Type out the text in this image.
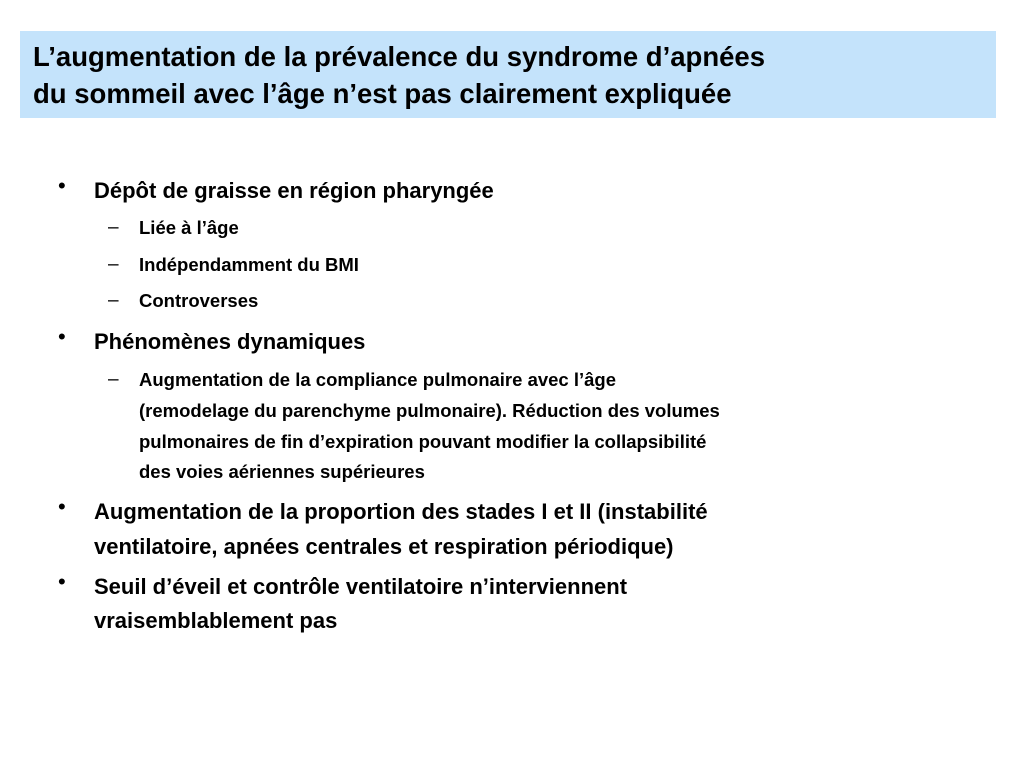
L’augmentation de la prévalence du syndrome d’apnées
du sommeil avec l’âge n’est pas clairement expliquée
• Dépôt de graisse en région pharyngée
– Liée à l’âge
– Indépendamment du BMI
– Controverses
• Phénomènes dynamiques
– Augmentation de la compliance pulmonaire avec l’âge
(remodelage du parenchyme pulmonaire). Réduction des volumes
pulmonaires de fin d’expiration pouvant modifier la collapsibilité
des voies aériennes supérieures
• Augmentation de la proportion des stades I et II (instabilité
ventilatoire, apnées centrales et respiration périodique)
• Seuil d’éveil et contrôle ventilatoire n’interviennent
vraisemblablement pas
